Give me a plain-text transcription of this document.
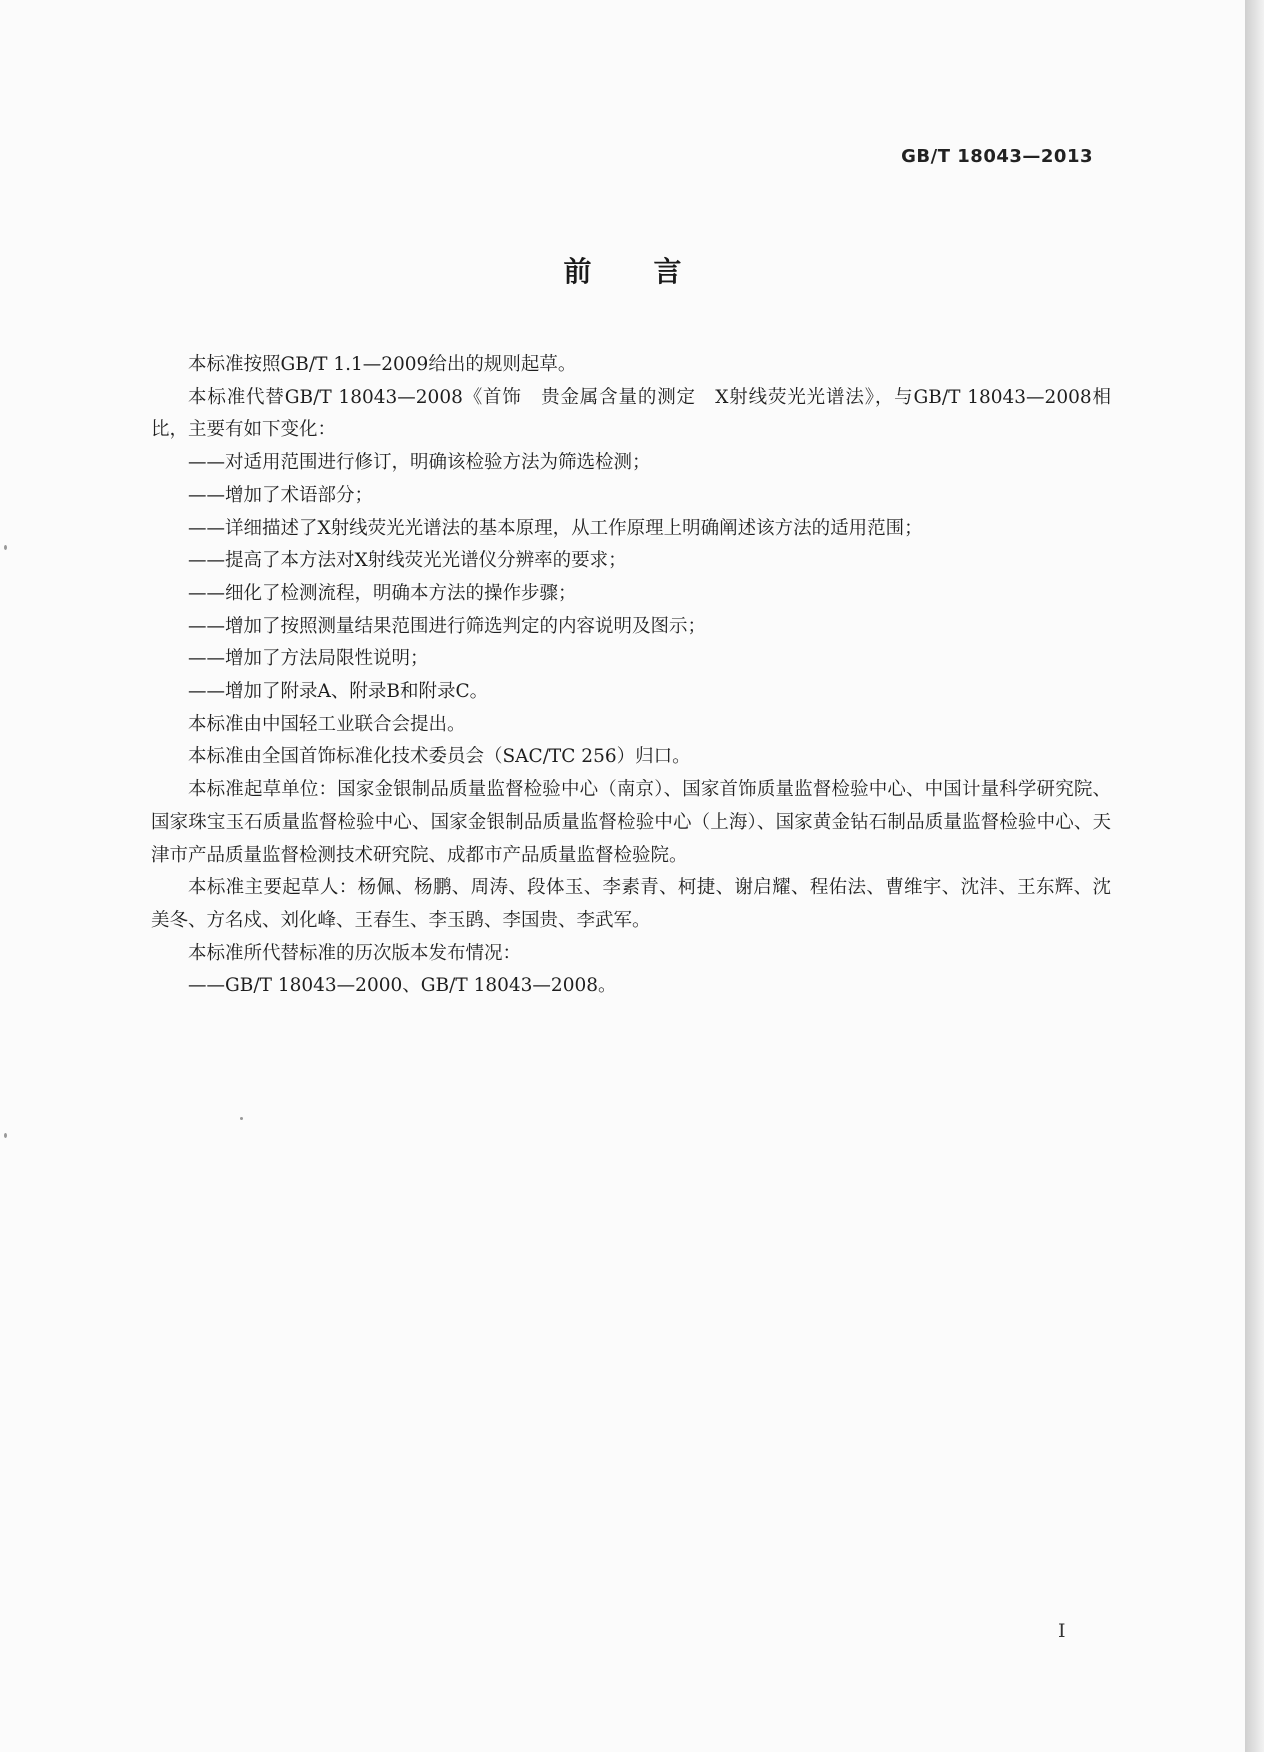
GB/T 18043—2013
前言

本标准按照GB/T 1.1—2009给出的规则起草。

本标准代替GB/T 18043—2008《首饰　贵金属含量的测定　X射线荧光光谱法》，与GB/T 18043—2008相比，主要有如下变化：

——对适用范围进行修订，明确该检验方法为筛选检测；
——增加了术语部分；
——详细描述了X射线荧光光谱法的基本原理，从工作原理上明确阐述该方法的适用范围；
——提高了本方法对X射线荧光光谱仪分辨率的要求；
——细化了检测流程，明确本方法的操作步骤；
——增加了按照测量结果范围进行筛选判定的内容说明及图示；
——增加了方法局限性说明；
——增加了附录A、附录B和附录C。

本标准由中国轻工业联合会提出。

本标准由全国首饰标准化技术委员会（SAC/TC 256）归口。

本标准起草单位：国家金银制品质量监督检验中心（南京）、国家首饰质量监督检验中心、中国计量科学研究院、国家珠宝玉石质量监督检验中心、国家金银制品质量监督检验中心（上海）、国家黄金钻石制品质量监督检验中心、天津市产品质量监督检测技术研究院、成都市产品质量监督检验院。

本标准主要起草人：杨佩、杨鹏、周涛、段体玉、李素青、柯捷、谢启耀、程佑法、曹维宇、沈沣、王东辉、沈美冬、方名戍、刘化峰、王春生、李玉鹍、李国贵、李武军。

本标准所代替标准的历次版本发布情况：

——GB/T 18043—2000、GB/T 18043—2008。
I
